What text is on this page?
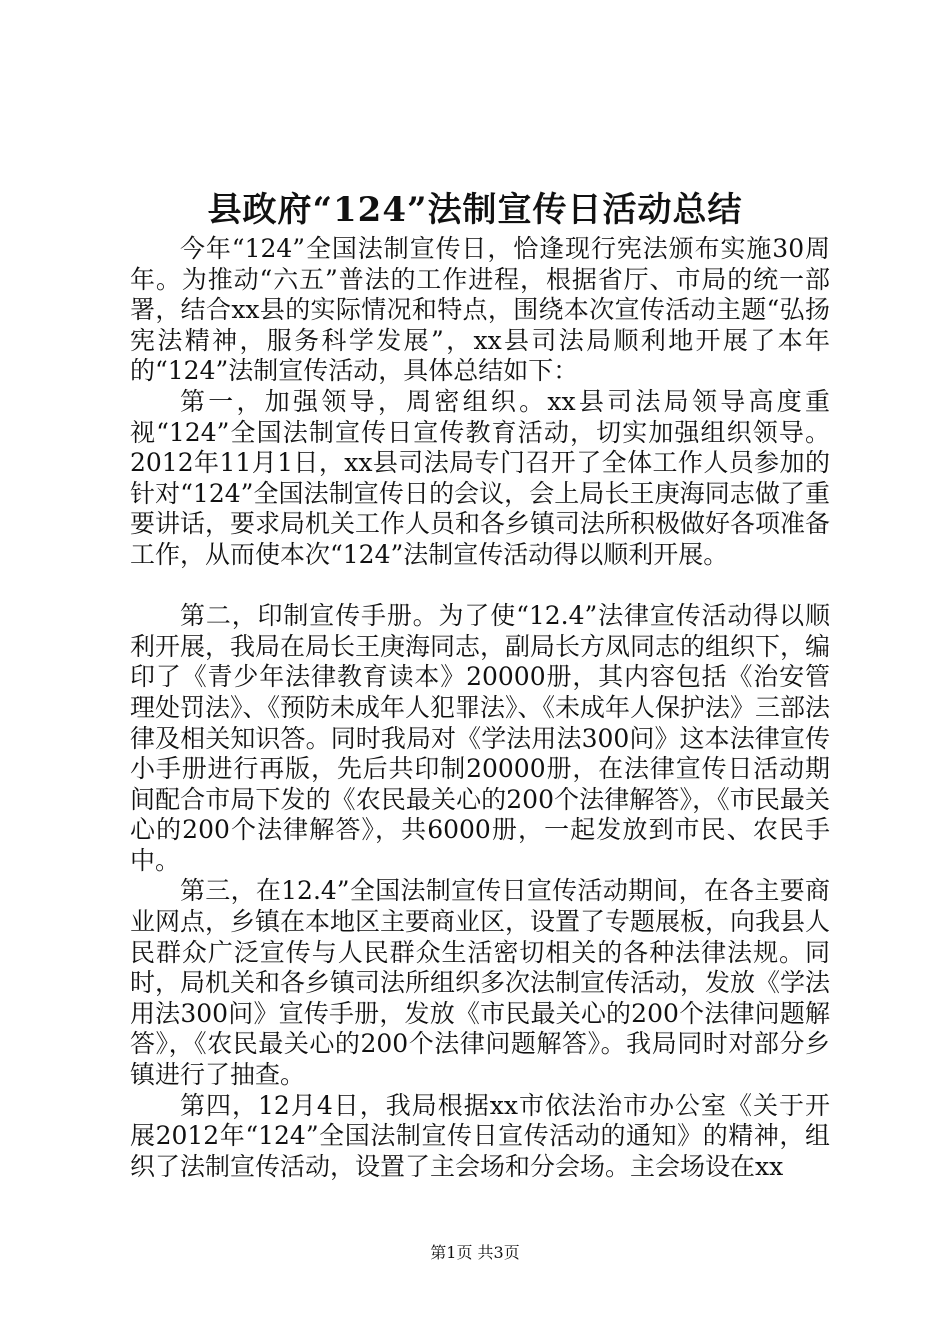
县政府“124”法制宣传日活动总结

今年“124”全国法制宣传日，恰逢现行宪法颁布实施30周年。为推动“六五”普法的工作进程，根据省厅、市局的统一部署，结合xx县的实际情况和特点，围绕本次宣传活动主题“弘扬宪法精神，服务科学发展”，xx县司法局顺利地开展了本年的“124”法制宣传活动，具体总结如下：

第一，加强领导，周密组织。xx县司法局领导高度重视“124”全国法制宣传日宣传教育活动，切实加强组织领导。2012年11月1日，xx县司法局专门召开了全体工作人员参加的针对“124”全国法制宣传日的会议，会上局长王庚海同志做了重要讲话，要求局机关工作人员和各乡镇司法所积极做好各项准备工作，从而使本次“124”法制宣传活动得以顺利开展。

第二，印制宣传手册。为了使“12.4”法律宣传活动得以顺利开展，我局在局长王庚海同志，副局长方凤同志的组织下，编印了《青少年法律教育读本》20000册，其内容包括《治安管理处罚法》、《预防未成年人犯罪法》、《未成年人保护法》三部法律及相关知识答。同时我局对《学法用法300问》这本法律宣传小手册进行再版，先后共印制20000册，在法律宣传日活动期间配合市局下发的《农民最关心的200个法律解答》，《市民最关心的200个法律解答》，共6000册，一起发放到市民、农民手中。

第三，在12.4”全国法制宣传日宣传活动期间，在各主要商业网点，乡镇在本地区主要商业区，设置了专题展板，向我县人民群众广泛宣传与人民群众生活密切相关的各种法律法规。同时，局机关和各乡镇司法所组织多次法制宣传活动，发放《学法用法300问》宣传手册，发放《市民最关心的200个法律问题解答》，《农民最关心的200个法律问题解答》。我局同时对部分乡镇进行了抽查。

第四，12月4日，我局根据xx市依法治市办公室《关于开展2012年“124”全国法制宣传日宣传活动的通知》的精神，组织了法制宣传活动，设置了主会场和分会场。主会场设在xx

第1页 共3页
